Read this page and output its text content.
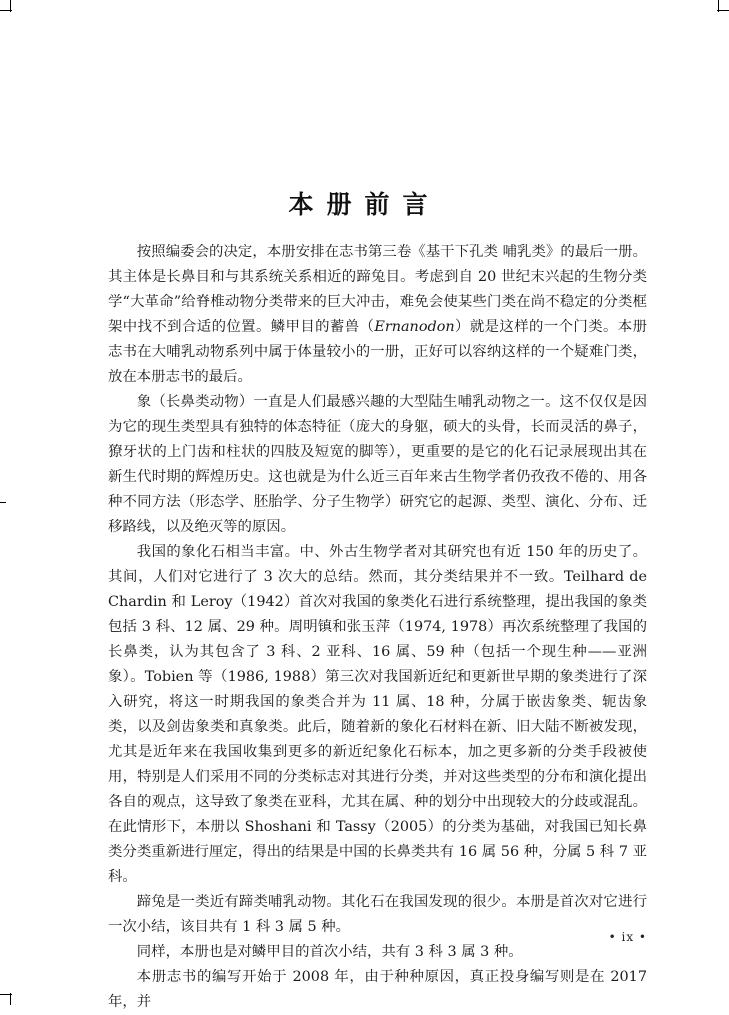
本册前言

按照编委会的决定，本册安排在志书第三卷《基干下孔类 哺乳类》的最后一册。其主体是长鼻目和与其系统关系相近的蹄兔目。考虑到自 20 世纪末兴起的生物分类学“大革命”给脊椎动物分类带来的巨大冲击，难免会使某些门类在尚不稳定的分类框架中找不到合适的位置。鳞甲目的蓄兽（Ernanodon）就是这样的一个门类。本册志书在大哺乳动物系列中属于体量较小的一册，正好可以容纳这样的一个疑难门类，放在本册志书的最后。

象（长鼻类动物）一直是人们最感兴趣的大型陆生哺乳动物之一。这不仅仅是因为它的现生类型具有独特的体态特征（庞大的身躯，硕大的头骨，长而灵活的鼻子，獠牙状的上门齿和柱状的四肢及短宽的脚等），更重要的是它的化石记录展现出其在新生代时期的辉煌历史。这也就是为什么近三百年来古生物学者仍孜孜不倦的、用各种不同方法（形态学、胚胎学、分子生物学）研究它的起源、类型、演化、分布、迁移路线，以及绝灭等的原因。

我国的象化石相当丰富。中、外古生物学者对其研究也有近 150 年的历史了。其间，人们对它进行了 3 次大的总结。然而，其分类结果并不一致。Teilhard de Chardin 和 Leroy（1942）首次对我国的象类化石进行系统整理，提出我国的象类包括 3 科、12 属、29 种。周明镇和张玉萍（1974, 1978）再次系统整理了我国的长鼻类，认为其包含了 3 科、2 亚科、16 属、59 种（包括一个现生种——亚洲象）。Tobien 等（1986, 1988）第三次对我国新近纪和更新世早期的象类进行了深入研究，将这一时期我国的象类合并为 11 属、18 种，分属于嵌齿象类、轭齿象类，以及剑齿象类和真象类。此后，随着新的象化石材料在新、旧大陆不断被发现，尤其是近年来在我国收集到更多的新近纪象化石标本，加之更多新的分类手段被使用，特别是人们采用不同的分类标志对其进行分类，并对这些类型的分布和演化提出各自的观点，这导致了象类在亚科，尤其在属、种的划分中出现较大的分歧或混乱。在此情形下，本册以 Shoshani 和 Tassy（2005）的分类为基础，对我国已知长鼻类分类重新进行厘定，得出的结果是中国的长鼻类共有 16 属 56 种，分属 5 科 7 亚科。

蹄兔是一类近有蹄类哺乳动物。其化石在我国发现的很少。本册是首次对它进行一次小结，该目共有 1 科 3 属 5 种。

同样，本册也是对鳞甲目的首次小结，共有 3 科 3 属 3 种。

本册志书的编写开始于 2008 年，由于种种原因，真正投身编写则是在 2017 年，并

• ix •
